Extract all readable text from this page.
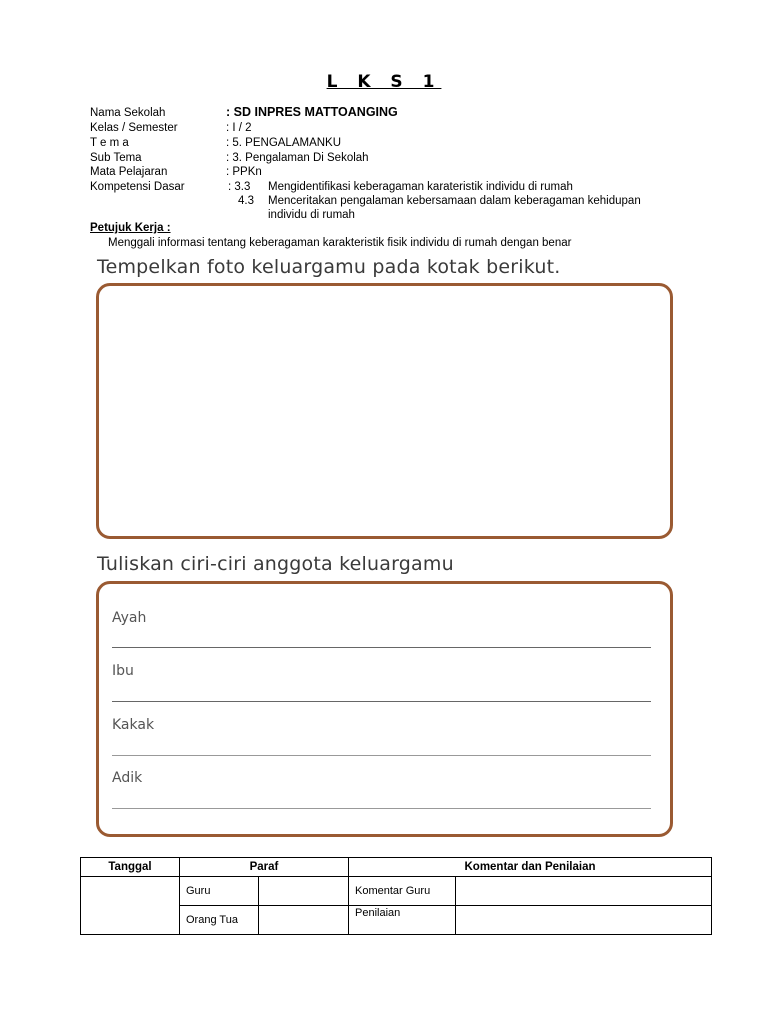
L K S 1
Nama Sekolah	: SD INPRES MATTOANGING
Kelas / Semester	: I / 2
T e m a	: 5. PENGALAMANKU
Sub Tema	: 3. Pengalaman Di Sekolah
Mata Pelajaran	: PPKn
Kompetensi Dasar	: 3.3 Mengidentifikasi keberagaman karateristik individu di rumah
4.3 Menceritakan pengalaman kebersamaan dalam keberagaman kehidupan
individu di rumah
Petujuk Kerja :
Menggali informasi tentang keberagaman karakteristik fisik individu di rumah dengan benar
Tempelkan foto keluargamu pada kotak berikut.
Tuliskan ciri-ciri anggota keluargamu
Ayah
Ibu
Kakak
Adik
Tanggal	Paraf		Komentar dan Penilaian	
	Guru		Komentar Guru	
	Orang Tua		Penilaian	
